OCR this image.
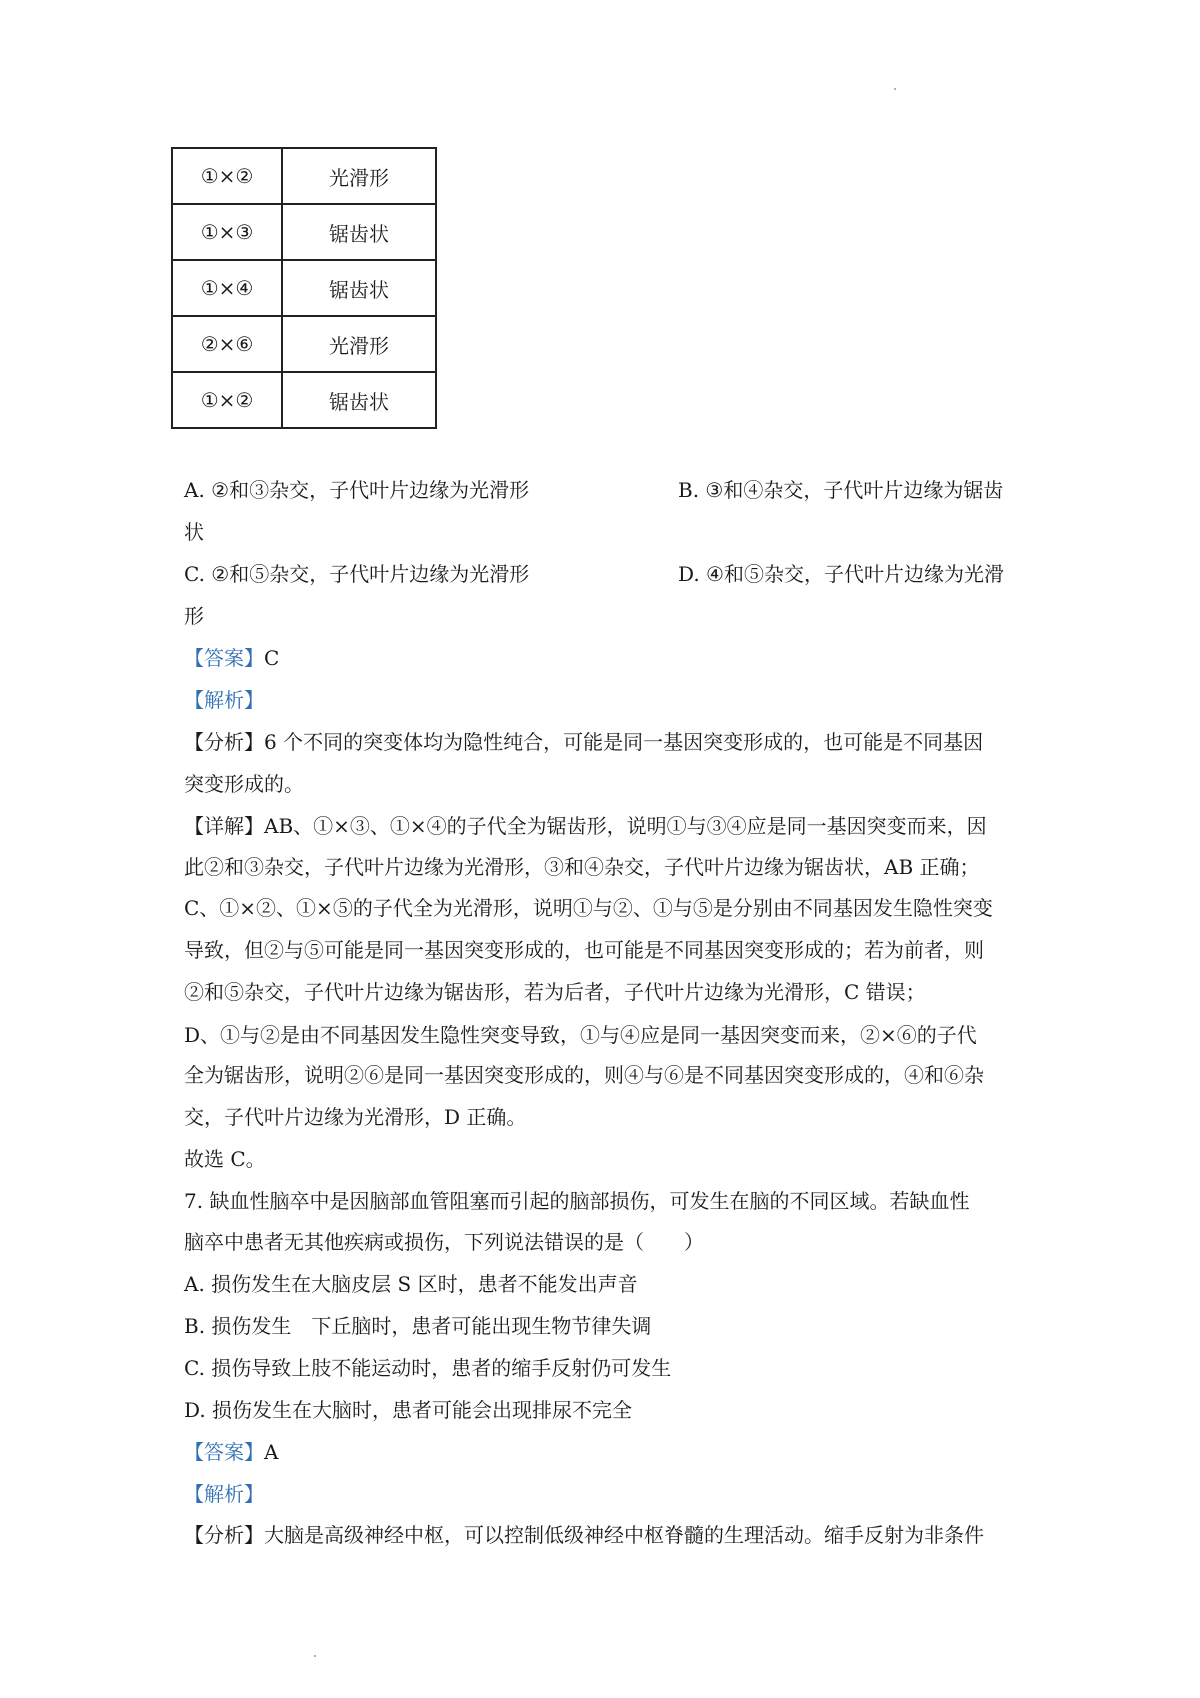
①×②	光滑形
①×③	锯齿状
①×④	锯齿状
②×⑥	光滑形
①×②	锯齿状
A. ②和③杂交，子代叶片边缘为光滑形	B. ③和④杂交，子代叶片边缘为锯齿
状
C. ②和⑤杂交，子代叶片边缘为光滑形	D. ④和⑤杂交，子代叶片边缘为光滑
形
【答案】C
【解析】
【分析】6 个不同的突变体均为隐性纯合，可能是同一基因突变形成的，也可能是不同基因
突变形成的。
【详解】AB、①×③、①×④的子代全为锯齿形，说明①与③④应是同一基因突变而来，因
此②和③杂交，子代叶片边缘为光滑形，③和④杂交，子代叶片边缘为锯齿状，AB 正确；
C、①×②、①×⑤的子代全为光滑形，说明①与②、①与⑤是分别由不同基因发生隐性突变
导致，但②与⑤可能是同一基因突变形成的，也可能是不同基因突变形成的；若为前者，则
②和⑤杂交，子代叶片边缘为锯齿形，若为后者，子代叶片边缘为光滑形，C 错误；
D、①与②是由不同基因发生隐性突变导致，①与④应是同一基因突变而来，②×⑥的子代
全为锯齿形，说明②⑥是同一基因突变形成的，则④与⑥是不同基因突变形成的，④和⑥杂
交，子代叶片边缘为光滑形，D 正确。
故选 C。
7. 缺血性脑卒中是因脑部血管阻塞而引起的脑部损伤，可发生在脑的不同区域。若缺血性
脑卒中患者无其他疾病或损伤，下列说法错误的是（　　）
A. 损伤发生在大脑皮层 S 区时，患者不能发出声音
B. 损伤发生　下丘脑时，患者可能出现生物节律失调
C. 损伤导致上肢不能运动时，患者的缩手反射仍可发生
D. 损伤发生在大脑时，患者可能会出现排尿不完全
【答案】A
【解析】
【分析】大脑是高级神经中枢，可以控制低级神经中枢脊髓的生理活动。缩手反射为非条件
